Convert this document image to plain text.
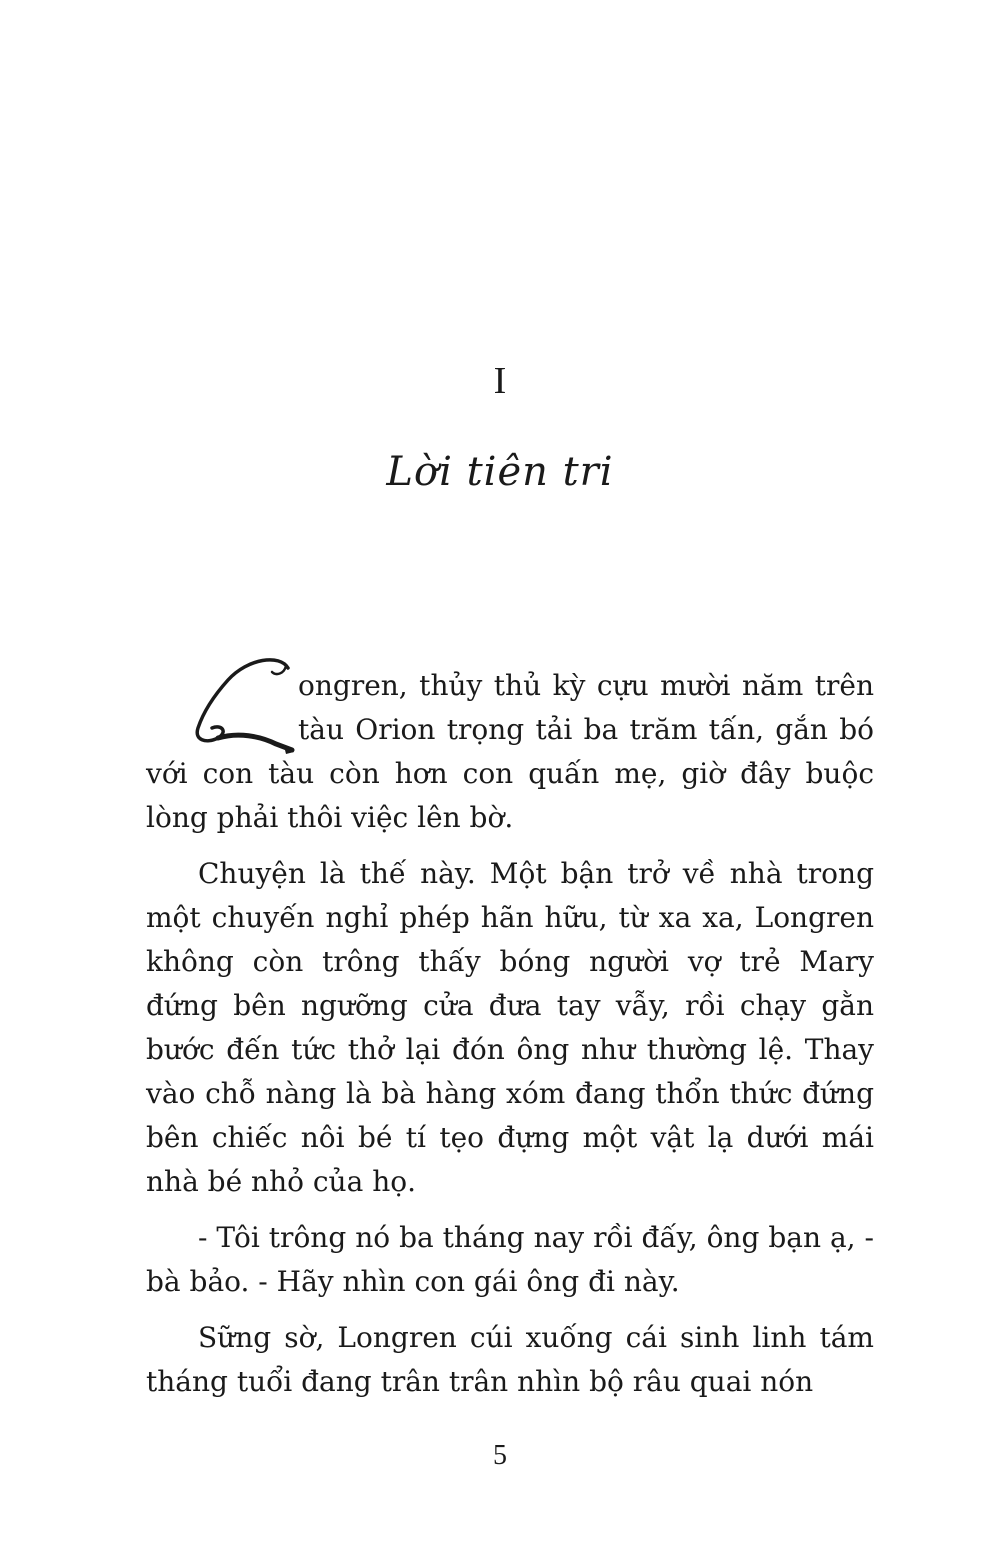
I
Lời tiên tri

ongren, thủy thủ kỳ cựu mười năm trên tàu Orion trọng tải ba trăm tấn, gắn bó với con tàu còn hơn con quấn mẹ, giờ đây buộc lòng phải thôi việc lên bờ.

Chuyện là thế này. Một bận trở về nhà trong một chuyến nghỉ phép hãn hữu, từ xa xa, Longren không còn trông thấy bóng người vợ trẻ Mary đứng bên ngưỡng cửa đưa tay vẫy, rồi chạy gằn bước đến tức thở lại đón ông như thường lệ. Thay vào chỗ nàng là bà hàng xóm đang thổn thức đứng bên chiếc nôi bé tí tẹo đựng một vật lạ dưới mái nhà bé nhỏ của họ.

- Tôi trông nó ba tháng nay rồi đấy, ông bạn ạ, - bà bảo. - Hãy nhìn con gái ông đi này.

Sững sờ, Longren cúi xuống cái sinh linh tám tháng tuổi đang trân trân nhìn bộ râu quai nón

5
